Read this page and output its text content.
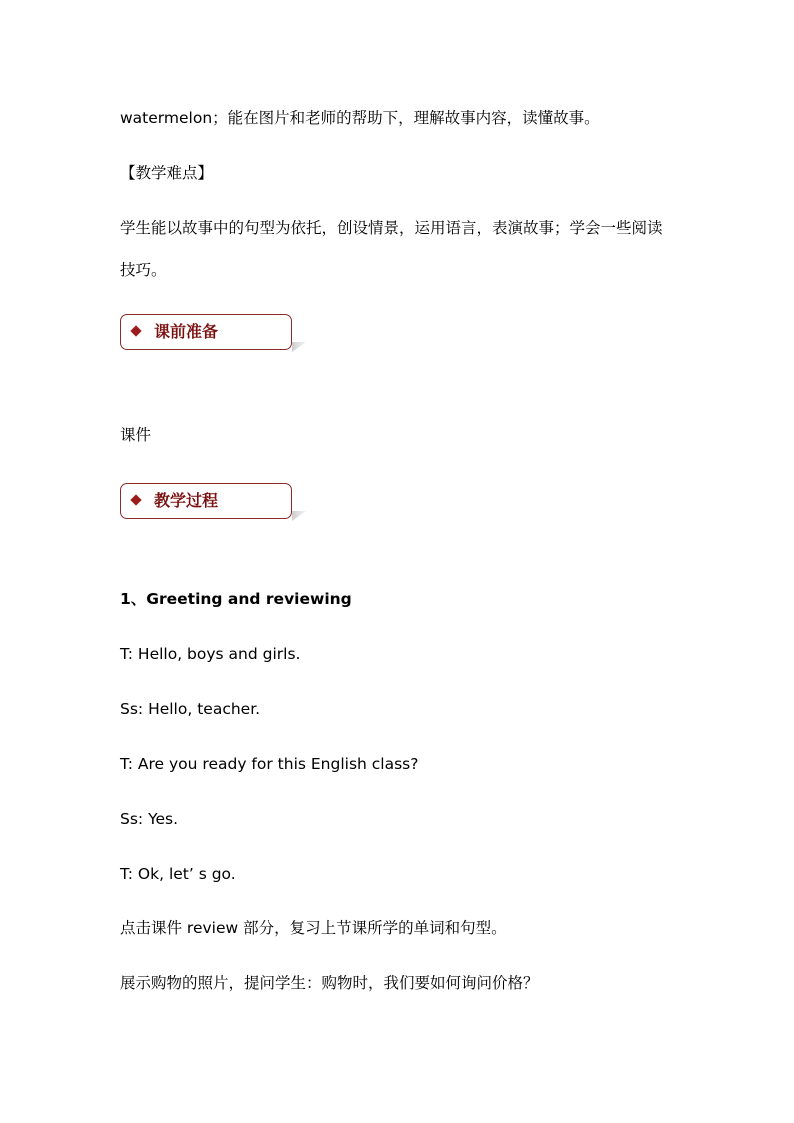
watermelon；能在图片和老师的帮助下，理解故事内容，读懂故事。
【教学难点】
学生能以故事中的句型为依托，创设情景，运用语言，表演故事；学会一些阅读
技巧。
课前准备
课件
教学过程
1、Greeting and reviewing
T: Hello, boys and girls.
Ss: Hello, teacher.
T: Are you ready for this English class?
Ss: Yes.
T: Ok, let’ s go.
点击课件 review 部分，复习上节课所学的单词和句型。
展示购物的照片，提问学生：购物时，我们要如何询问价格？
